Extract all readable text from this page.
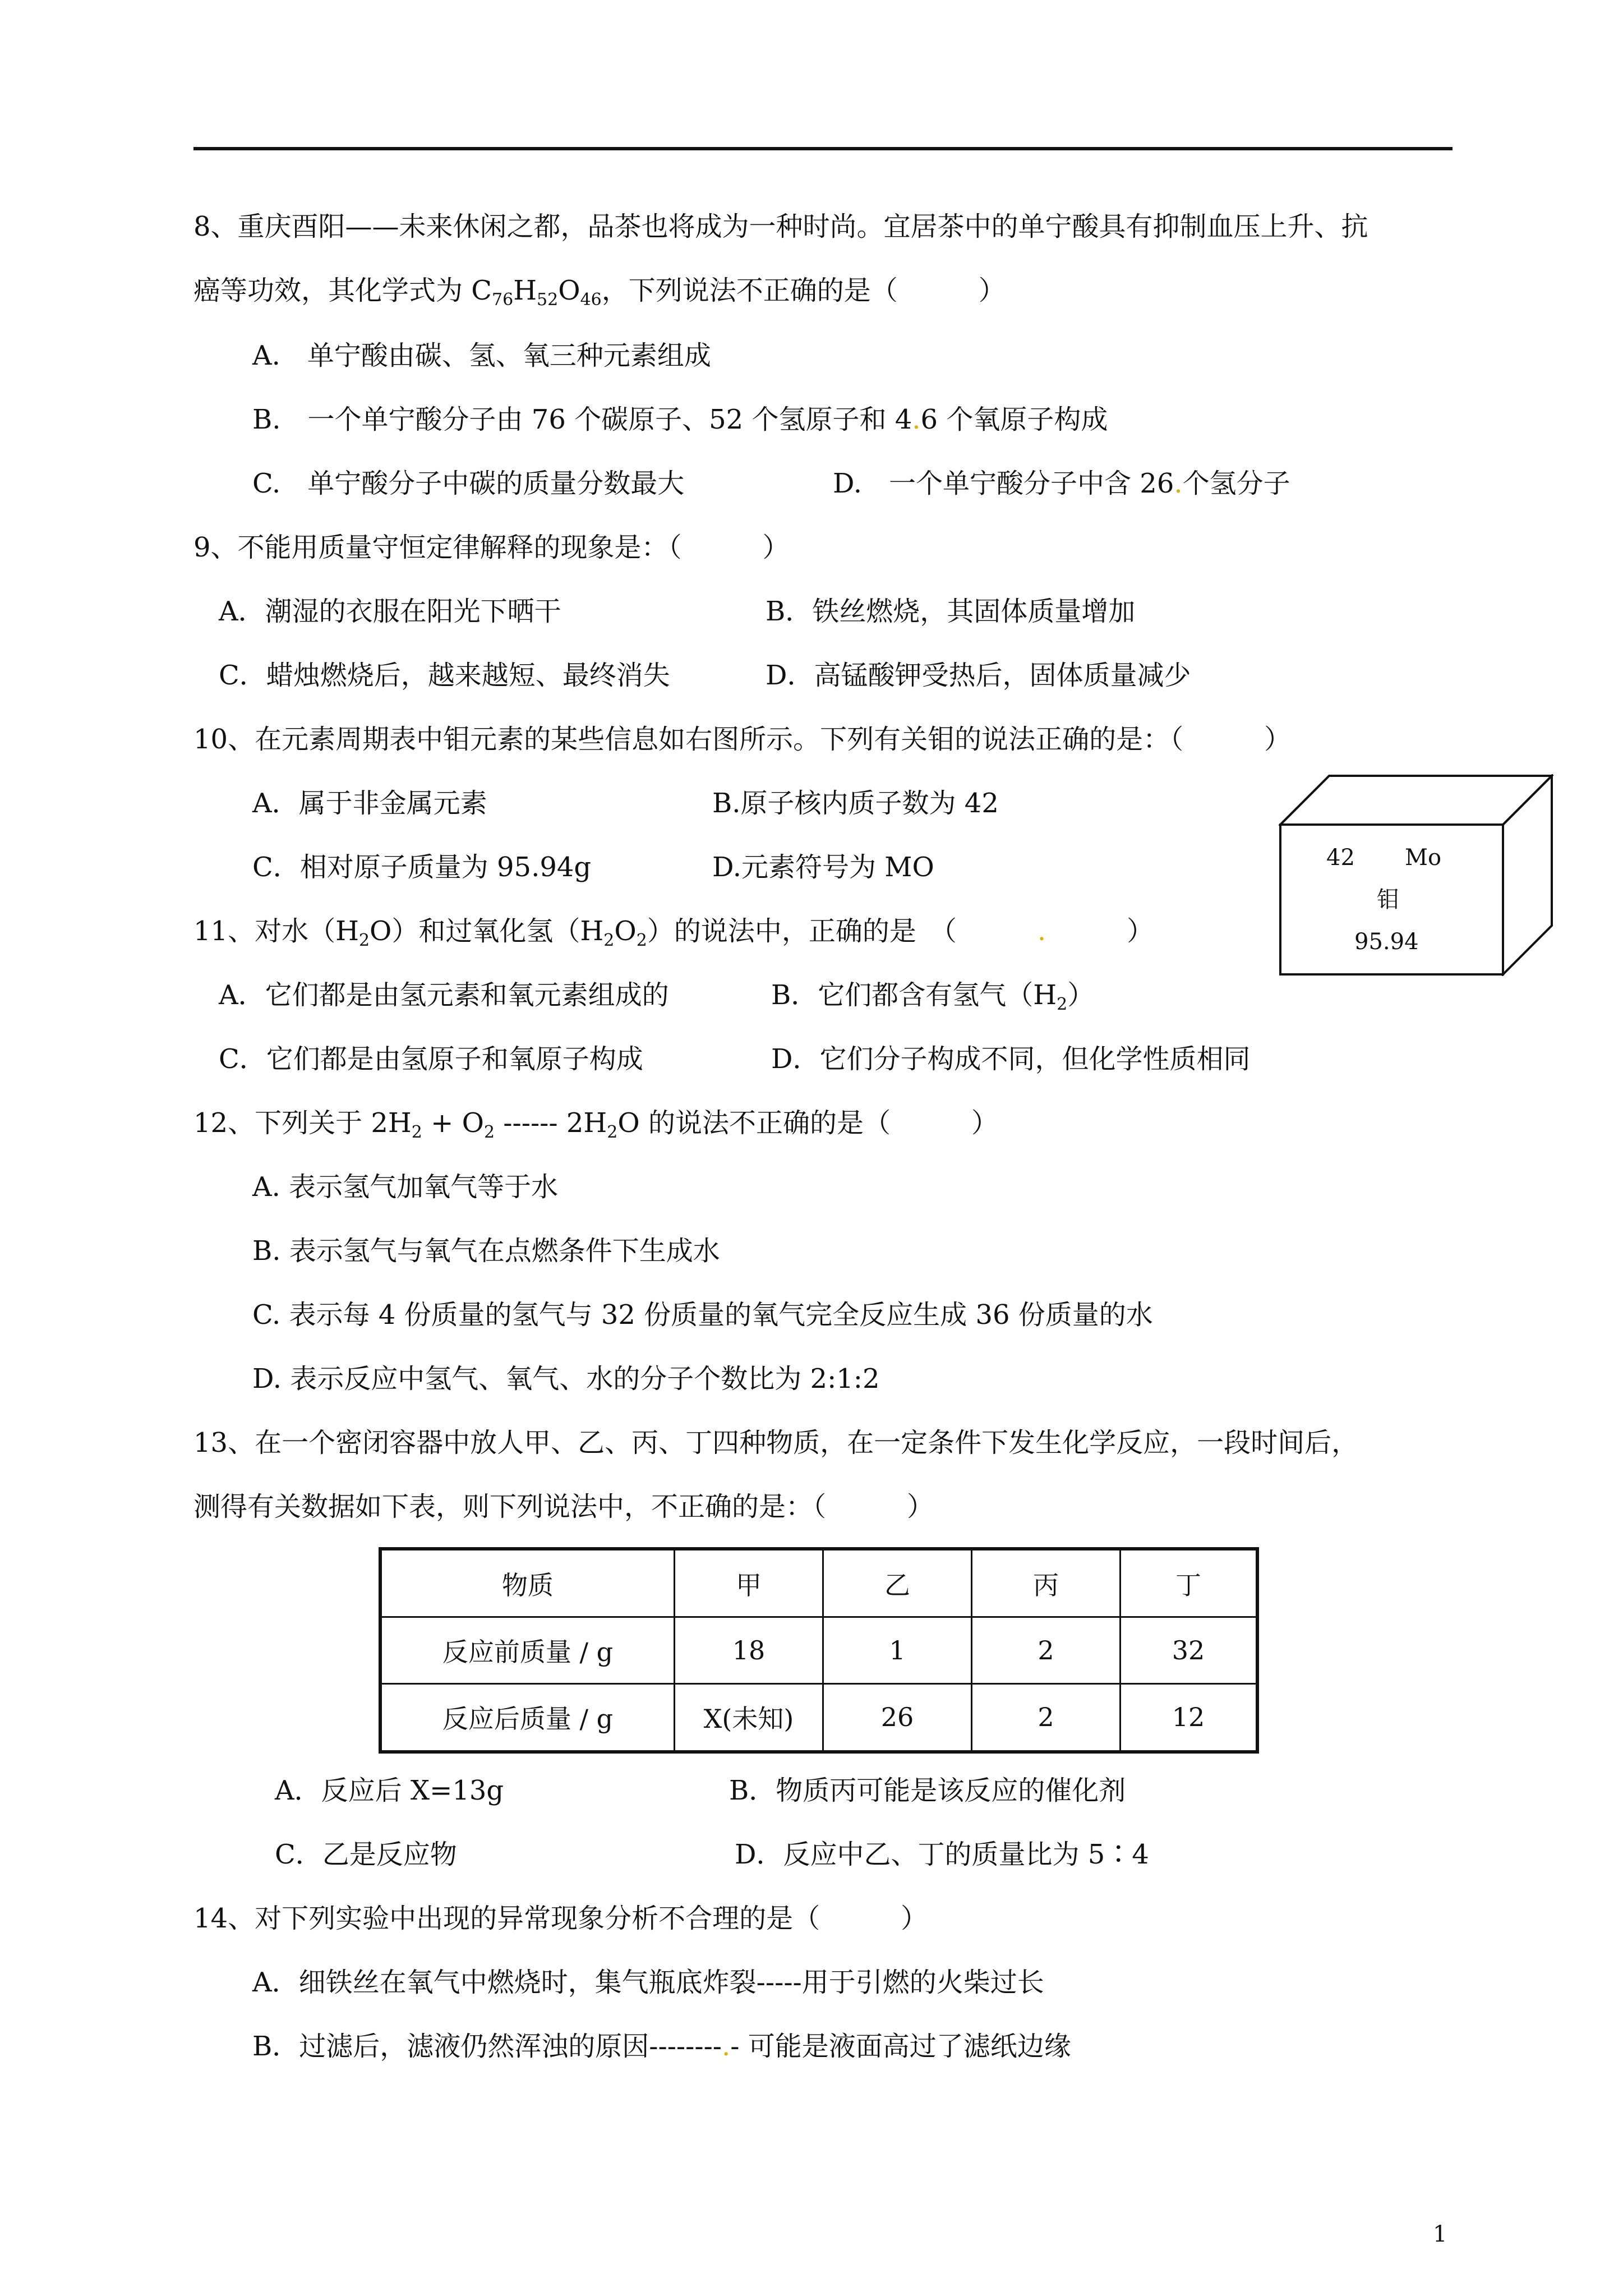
8、重庆酉阳——未来休闲之都，品茶也将成为一种时尚。宜居茶中的单宁酸具有抑制血压上升、抗
癌等功效，其化学式为 $C_{76}H_{52}O_{46}$，下列说法不正确的是（　　　）
A.　单宁酸由碳、氢、氧三种元素组成
B.　一个单宁酸分子由 76 个碳原子、52 个氢原子和 4.6 个氧原子构成
C.　单宁酸分子中碳的质量分数最大	D.　一个单宁酸分子中含 26.个氢分子
9、不能用质量守恒定律解释的现象是：（　　　）
A．潮湿的衣服在阳光下晒干	B．铁丝燃烧，其固体质量增加
C．蜡烛燃烧后，越来越短、最终消失	D．高锰酸钾受热后，固体质量减少
10、在元素周期表中钼元素的某些信息如右图所示。下列有关钼的说法正确的是：（　　　）
A．属于非金属元素	B.原子核内质子数为 42
C．相对原子质量为 95.94g	D.元素符号为 MO	42 Mo
钼
95.94
11、对水$(H_2O)$和过氧化氢$(H_2O_2)$的说法中，正确的是　（　　　.　　　）
A．它们都是由氢元素和氧元素组成的	B．它们都含有氢气$(H_2)$
C．它们都是由氢原子和氧原子构成	D．它们分子构成不同，但化学性质相同
12、下列关于 $2H_2 + O_2$ ------ $2H_2O$ 的说法不正确的是（　　　）
A. 表示氢气加氧气等于水
B. 表示氢气与氧气在点燃条件下生成水
C. 表示每 4 份质量的氢气与 32 份质量的氧气完全反应生成 36 份质量的水
D. 表示反应中氢气、氧气、水的分子个数比为 2:1:2
13、在一个密闭容器中放人甲、乙、丙、丁四种物质，在一定条件下发生化学反应，一段时间后，
测得有关数据如下表，则下列说法中，不正确的是：（　　　）
物质	甲	乙	丙	丁
反应前质量 / g	18	1	2	32
反应后质量 / g	X(未知)	26	2	12
A．反应后 X=13g	B．物质丙可能是该反应的催化剂
C．乙是反应物	D．反应中乙、丁的质量比为 5∶4
14、对下列实验中出现的异常现象分析不合理的是（　　　）
A．细铁丝在氧气中燃烧时，集气瓶底炸裂-----用于引燃的火柴过长
B．过滤后，滤液仍然浑浊的原因--------.- 可能是液面高过了滤纸边缘
1
